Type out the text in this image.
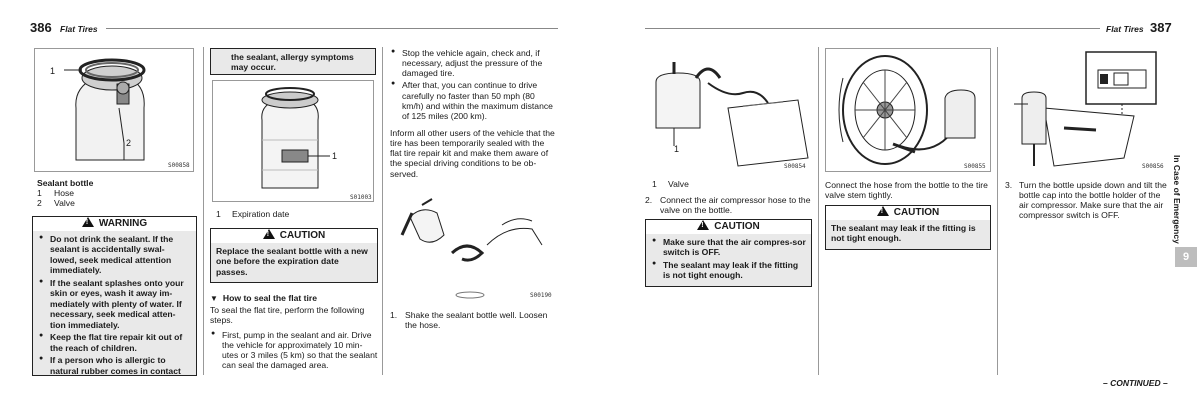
386 Flat Tires
1
2
S00858
Sealant bottle
1 Hose
2 Valve
!WARNING
● Do not drink the sealant. If the sealant is accidentally swal-lowed, seek medical attention immediately.
● If the sealant splashes onto your skin or eyes, wash it away im-mediately with plenty of water. If necessary, seek medical atten-tion immediately.
● Keep the flat tire repair kit out of the reach of children.
● If a person who is allergic to natural rubber comes in contact
the sealant, allergy symptoms may occur.
1
S01003
1 Expiration date
!CAUTION
Replace the sealant bottle with a new one before the expiration date passes.
▼ How to seal the flat tire
To seal the flat tire, perform the following steps.
● First, pump in the sealant and air. Drive the vehicle for approximately 10 min-utes or 3 miles (5 km) so that the sealant can seal the damaged area.
● Stop the vehicle again, check and, if necessary, adjust the pressure of the damaged tire.
● After that, you can continue to drive carefully no faster than 50 mph (80 km/h) and within the maximum distance of 125 miles (200 km).
Inform all other users of the vehicle that the tire has been temporarily sealed with the flat tire repair kit and make them aware of the special driving conditions to be ob-served.
S00190
1. Shake the sealant bottle well. Loosen the hose.
Flat Tires 387
1
S00854
1 Valve
2. Connect the air compressor hose to the valve on the bottle.
!CAUTION
● Make sure that the air compres-sor switch is OFF.
● The sealant may leak if the fitting is not tight enough.
S00855
Connect the hose from the bottle to the tire valve stem tightly.
!CAUTION
The sealant may leak if the fitting is not tight enough.
S00856
3. Turn the bottle upside down and tilt the bottle cap into the bottle holder of the air compressor. Make sure that the air compressor switch is OFF.	In Case of Emergency
9
– CONTINUED –
